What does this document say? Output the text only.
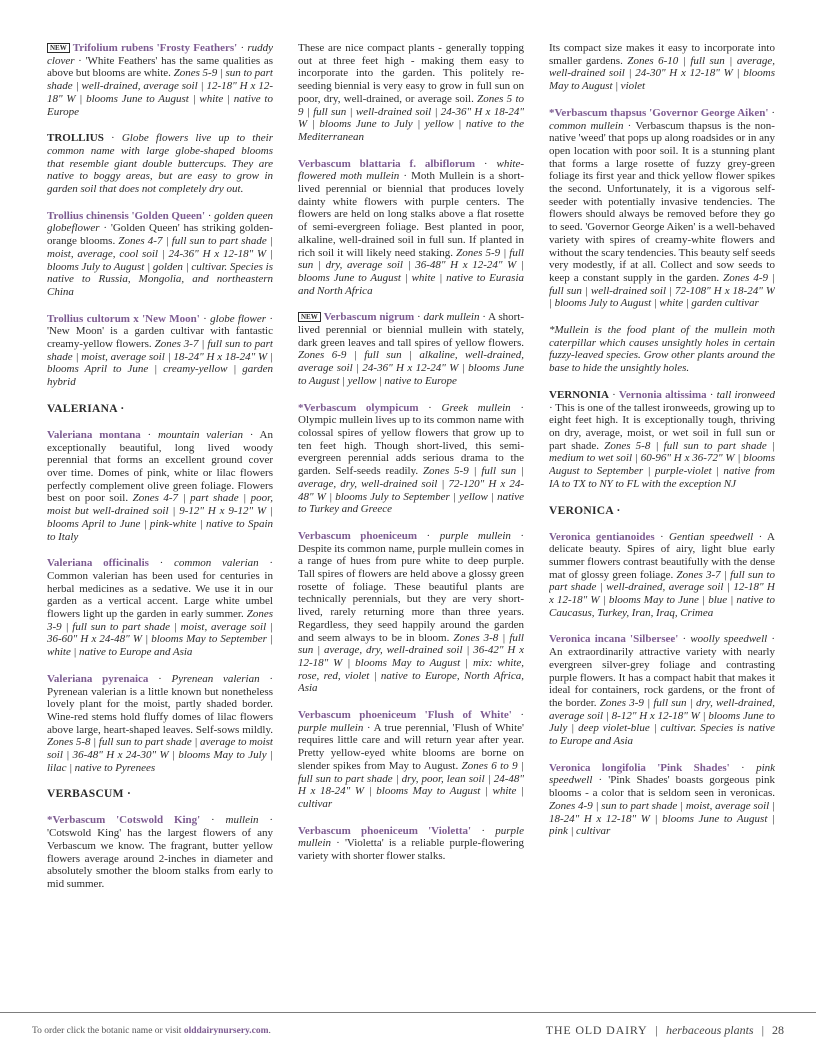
NEW Trifolium rubens 'Frosty Feathers' · ruddy clover · 'White Feathers' has the same qualities as above but blooms are white. Zones 5-9 | sun to part shade | well-drained, average soil | 12-18" H x 12-18" W | blooms June to August | white | native to Europe
TROLLIUS · Globe flowers live up to their common name with large globe-shaped blooms that resemble giant double buttercups. They are native to boggy areas, but are easy to grow in garden soil that does not completely dry out.
Trollius chinensis 'Golden Queen' · golden queen globeflower · 'Golden Queen' has striking golden-orange blooms. Zones 4-7 | full sun to part shade | moist, average, cool soil | 24-36" H x 12-18" W | blooms July to August | golden | cultivar. Species is native to Russia, Mongolia, and northeastern China
Trollius cultorum x 'New Moon' · globe flower · 'New Moon' is a garden cultivar with fantastic creamy-yellow flowers. Zones 3-7 | full sun to part shade | moist, average soil | 18-24" H x 18-24" W | blooms April to June | creamy-yellow | garden hybrid
VALERIANA ·
Valeriana montana · mountain valerian · An exceptionally beautiful, long lived woody perennial that forms an excellent ground cover over time. Domes of pink, white or lilac flowers perfectly complement olive green foliage. Flowers best on poor soil. Zones 4-7 | part shade | poor, moist but well-drained soil | 9-12" H x 9-12" W | blooms April to June | pink-white | native to Spain to Italy
Valeriana officinalis · common valerian · Common valerian has been used for centuries in herbal medicines as a sedative. We use it in our garden as a vertical accent. Large white umbel flowers light up the garden in early summer. Zones 3-9 | full sun to part shade | moist, average soil | 36-60" H x 24-48" W | blooms May to September | white | native to Europe and Asia
Valeriana pyrenaica · Pyrenean valerian · Pyrenean valerian is a little known but nonetheless lovely plant for the moist, partly shaded border. Wine-red stems hold fluffy domes of lilac flowers above large, heart-shaped leaves. Self-sows mildly. Zones 5-8 | full sun to part shade | average to moist soil | 36-48" H x 24-30" W | blooms May to July | lilac | native to Pyrenees
VERBASCUM ·
*Verbascum 'Cotswold King' · mullein · 'Cotswold King' has the largest flowers of any Verbascum we know. The fragrant, butter yellow flowers average around 2-inches in diameter and absolutely smother the bloom stalks from early to mid summer.
These are nice compact plants - generally topping out at three feet high - making them easy to incorporate into the garden. This politely re-seeding biennial is very easy to grow in full sun on poor, dry, well-drained, or average soil. Zones 5 to 9 | full sun | well-drained soil | 24-36" H x 18-24" W | blooms June to July | yellow | native to the Mediterranean
Verbascum blattaria f. albiflorum · white-flowered moth mullein · Moth Mullein is a short-lived perennial or biennial that produces lovely dainty white flowers with purple centers. The flowers are held on long stalks above a flat rosette of semi-evergreen foliage. Best planted in poor, alkaline, well-drained soil in full sun. If planted in rich soil it will likely need staking. Zones 5-9 | full sun | dry, average soil | 36-48" H x 12-24" W | blooms June to August | white | native to Eurasia and North Africa
NEW Verbascum nigrum · dark mullein · A short-lived perennial or biennial mullein with stately, dark green leaves and tall spires of yellow flowers. Zones 6-9 | full sun | alkaline, well-drained, average soil | 24-36" H x 12-24" W | blooms June to August | yellow | native to Europe
*Verbascum olympicum · Greek mullein · Olympic mullein lives up to its common name with colossal spires of yellow flowers that grow up to ten feet high. Though short-lived, this semi-evergreen perennial adds serious drama to the garden. Self-seeds readily. Zones 5-9 | full sun | average, dry, well-drained soil | 72-120" H x 24-48" W | blooms July to September | yellow | native to Turkey and Greece
Verbascum phoeniceum · purple mullein · Despite its common name, purple mullein comes in a range of hues from pure white to deep purple. Tall spires of flowers are held above a glossy green rosette of foliage. These beautiful plants are technically perennials, but they are very short-lived, rarely returning more than three years. Regardless, they seed happily around the garden and seem always to be in bloom. Zones 3-8 | full sun | average, dry, well-drained soil | 36-42" H x 12-18" W | blooms May to August | mix: white, rose, red, violet | native to Europe, North Africa, Asia
Verbascum phoeniceum 'Flush of White' · purple mullein · A true perennial, 'Flush of White' requires little care and will return year after year. Pretty yellow-eyed white blooms are borne on slender spikes from May to August. Zones 6 to 9 | full sun to part shade | dry, poor, lean soil | 24-48" H x 18-24" W | blooms May to August | white | cultivar
Verbascum phoeniceum 'Violetta' · purple mullein · 'Violetta' is a reliable purple-flowering variety with shorter flower stalks.
Its compact size makes it easy to incorporate into smaller gardens. Zones 6-10 | full sun | average, well-drained soil | 24-30" H x 12-18" W | blooms May to August | violet
*Verbascum thapsus 'Governor George Aiken' · common mullein · Verbascum thapsus is the non-native 'weed' that pops up along roadsides or in any open location with poor soil. It is a stunning plant that forms a large rosette of fuzzy grey-green foliage its first year and thick yellow flower spikes the second. Unfortunately, it is a vigorous self-seeder with potentially invasive tendencies. The flowers should always be removed before they go to seed. 'Governor George Aiken' is a well-behaved variety with spires of creamy-white flowers and without the scary tendencies. This beauty self seeds very modestly, if at all. Collect and sow seeds to keep a constant supply in the garden. Zones 4-9 | full sun | well-drained soil | 72-108" H x 18-24" W | blooms July to August | white | garden cultivar
*Mullein is the food plant of the mullein moth caterpillar which causes unsightly holes in certain fuzzy-leaved species. Grow other plants around the base to hide the unsightly holes.
VERNONIA · Vernonia altissima · tall ironweed · This is one of the tallest ironweeds, growing up to eight feet high. It is exceptionally tough, thriving on dry, average, moist, or wet soil in full sun or part shade. Zones 5-8 | full sun to part shade | medium to wet soil | 60-96" H x 36-72" W | blooms August to September | purple-violet | native from IA to TX to NY to FL with the exception NJ
VERONICA ·
Veronica gentianoides · Gentian speedwell · A delicate beauty. Spires of airy, light blue early summer flowers contrast beautifully with the dense mat of glossy green foliage. Zones 3-7 | full sun to part shade | well-drained, average soil | 12-18" H x 12-18" W | blooms May to June | blue | native to Caucasus, Turkey, Iran, Iraq, Crimea
Veronica incana 'Silbersee' · woolly speedwell · An extraordinarily attractive variety with nearly evergreen silver-grey foliage and contrasting purple flowers. It has a compact habit that makes it ideal for containers, rock gardens, or the front of the border. Zones 3-9 | full sun | dry, well-drained, average soil | 8-12" H x 12-18" W | blooms June to July | deep violet-blue | cultivar. Species is native to Europe and Asia
Veronica longifolia 'Pink Shades' · pink speedwell · 'Pink Shades' boasts gorgeous pink blooms - a color that is seldom seen in veronicas. Zones 4-9 | sun to part shade | moist, average soil | 18-24" H x 12-18" W | blooms June to August | pink | cultivar
To order click the botanic name or visit olddairynursery.com.	THE OLD DAIRY | herbaceous plants | 28
